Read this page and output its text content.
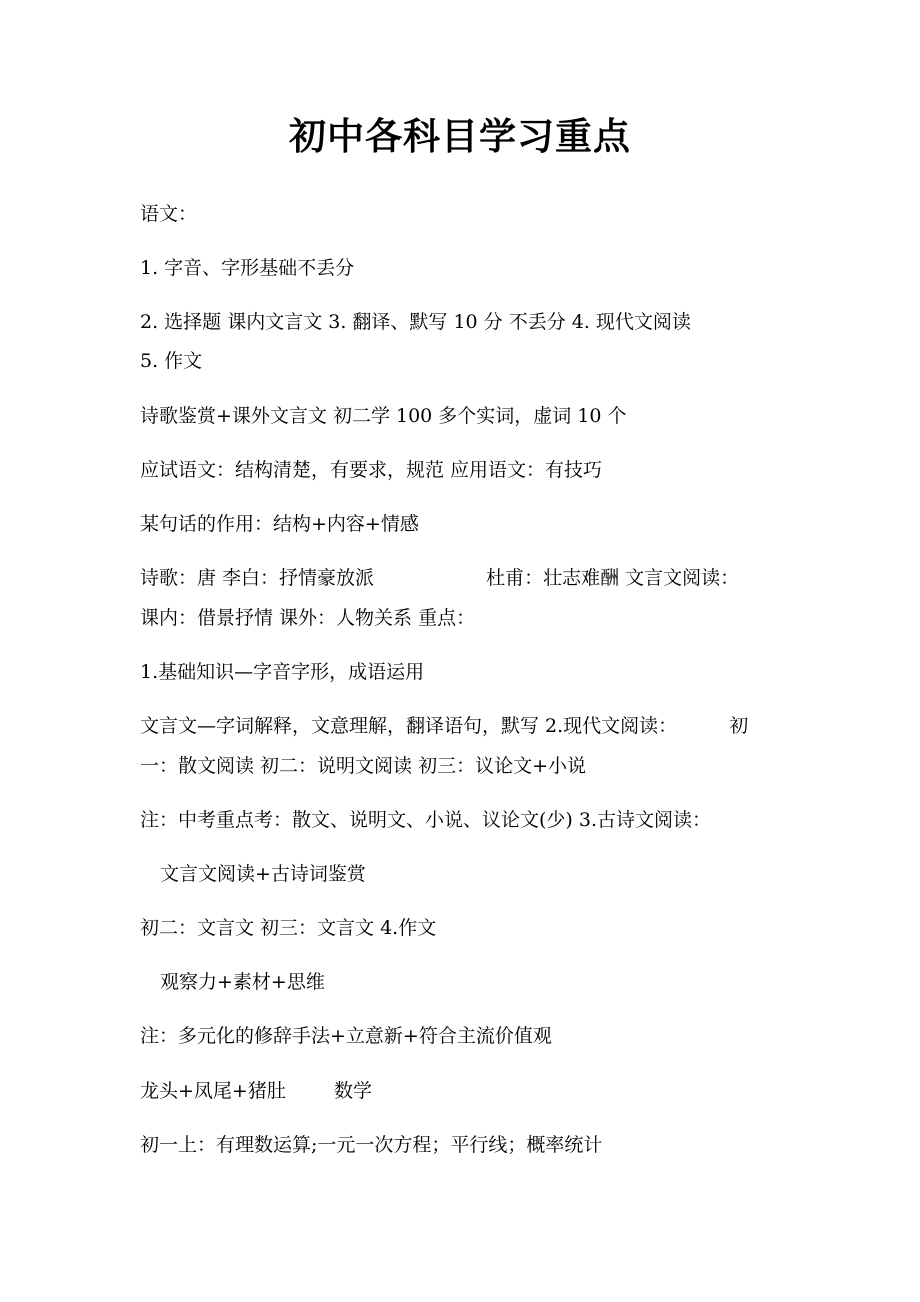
初中各科目学习重点
语文：
1. 字音、字形基础不丢分
2. 选择题 课内文言文 3. 翻译、默写 10 分 不丢分 4. 现代文阅读
5. 作文
诗歌鉴赏+课外文言文 初二学 100 多个实词，虚词 10 个
应试语文：结构清楚，有要求，规范 应用语文：有技巧
某句话的作用：结构+内容+情感
诗歌：唐 李白：抒情豪放派	杜甫：壮志难酬 文言文阅读：
课内：借景抒情 课外：人物关系 重点：
1.基础知识—字音字形，成语运用
文言文—字词解释，文意理解，翻译语句，默写 2.现代文阅读：	初
一：散文阅读 初二：说明文阅读 初三：议论文+小说
注：中考重点考：散文、说明文、小说、议论文(少) 3.古诗文阅读：
文言文阅读+古诗词鉴赏
初二：文言文 初三：文言文 4.作文
观察力+素材+思维
注：多元化的修辞手法+立意新+符合主流价值观
龙头+凤尾+猪肚	数学
初一上：有理数运算;一元一次方程；平行线；概率统计
